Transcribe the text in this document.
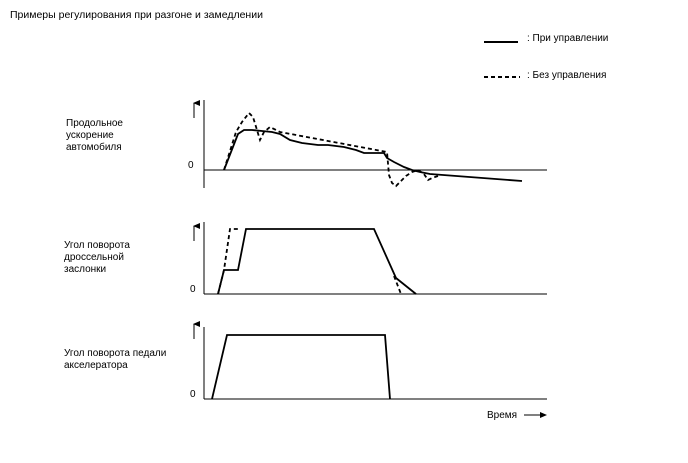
Примеры регулирования при разгоне и замедлении
: При управлении
: Без управления
Продольное
ускорение
автомобиля
0
Угол поворота
дроссельной
заслонки
0
Угол поворота педали
акселератора
0
Время
